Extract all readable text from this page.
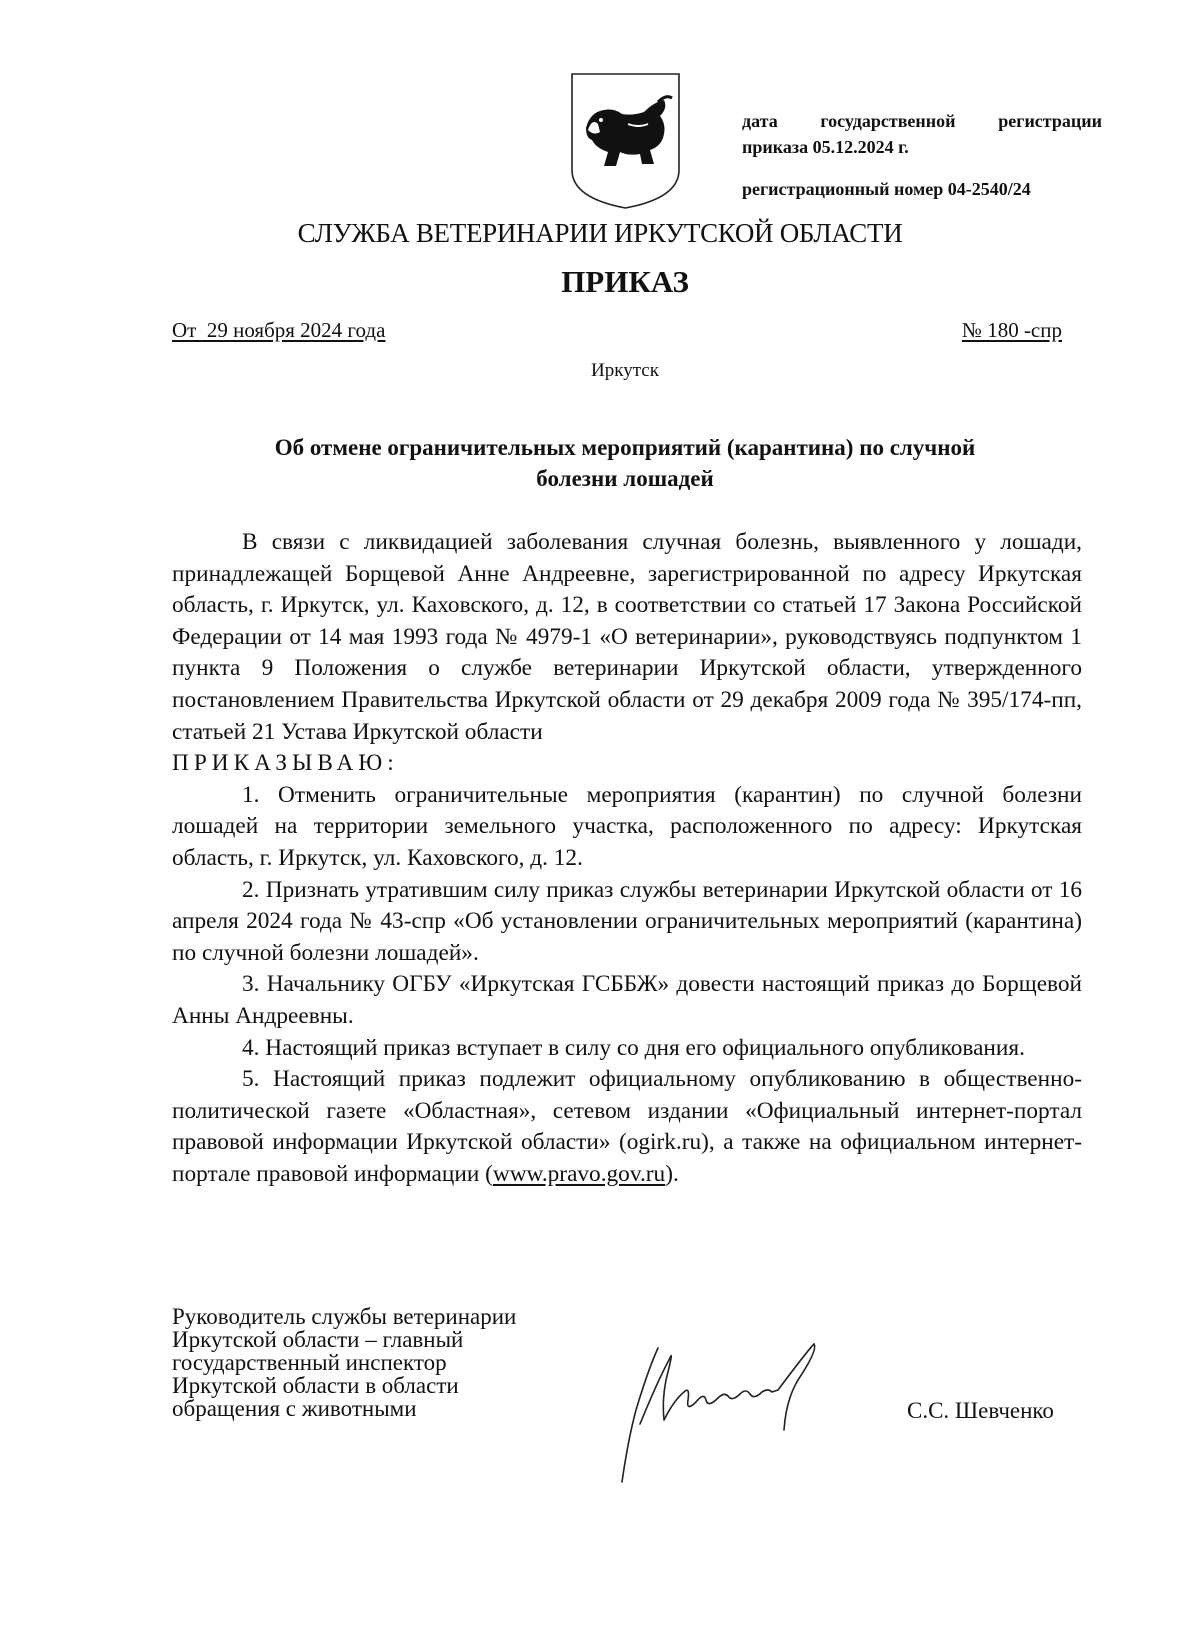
дата государственной регистрации
приказа 05.12.2024 г.
регистрационный номер 04-2540/24
СЛУЖБА ВЕТЕРИНАРИИ ИРКУТСКОЙ ОБЛАСТИ
ПРИКАЗ
От  29 ноября 2024 года	№ 180 -спр
Иркутск
Об отмене ограничительных мероприятий (карантина) по случной
болезни лошадей

В связи с ликвидацией заболевания случная болезнь, выявленного у лошади, принадлежащей Борщевой Анне Андреевне, зарегистрированной по адресу Иркутская область, г. Иркутск, ул. Каховского, д. 12, в соответствии со статьей 17 Закона Российской Федерации от 14 мая 1993 года № 4979-1 «О ветеринарии», руководствуясь подпунктом 1 пункта 9 Положения о службе ветеринарии Иркутской области, утвержденного постановлением Правительства Иркутской области от 29 декабря 2009 года № 395/174-пп, статьей 21 Устава Иркутской области

ПРИКАЗЫВАЮ:

1. Отменить ограничительные мероприятия (карантин) по случной болезни лошадей на территории земельного участка, расположенного по адресу: Иркутская область, г. Иркутск, ул. Каховского, д. 12.

2. Признать утратившим силу приказ службы ветеринарии Иркутской области от 16 апреля 2024 года № 43-спр «Об установлении ограничительных мероприятий (карантина) по случной болезни лошадей».

3. Начальнику ОГБУ «Иркутская ГСББЖ» довести настоящий приказ до Борщевой Анны Андреевны.

4. Настоящий приказ вступает в силу со дня его официального опубликования.

5. Настоящий приказ подлежит официальному опубликованию в общественно-политической газете «Областная», сетевом издании «Официальный интернет-портал правовой информации Иркутской области» (ogirk.ru), а также на официальном интернет-портале правовой информации (www.pravo.gov.ru).

Руководитель службы ветеринарии
Иркутской области – главный
государственный инспектор
Иркутской области в области
обращения с животными	С.С. Шевченко
